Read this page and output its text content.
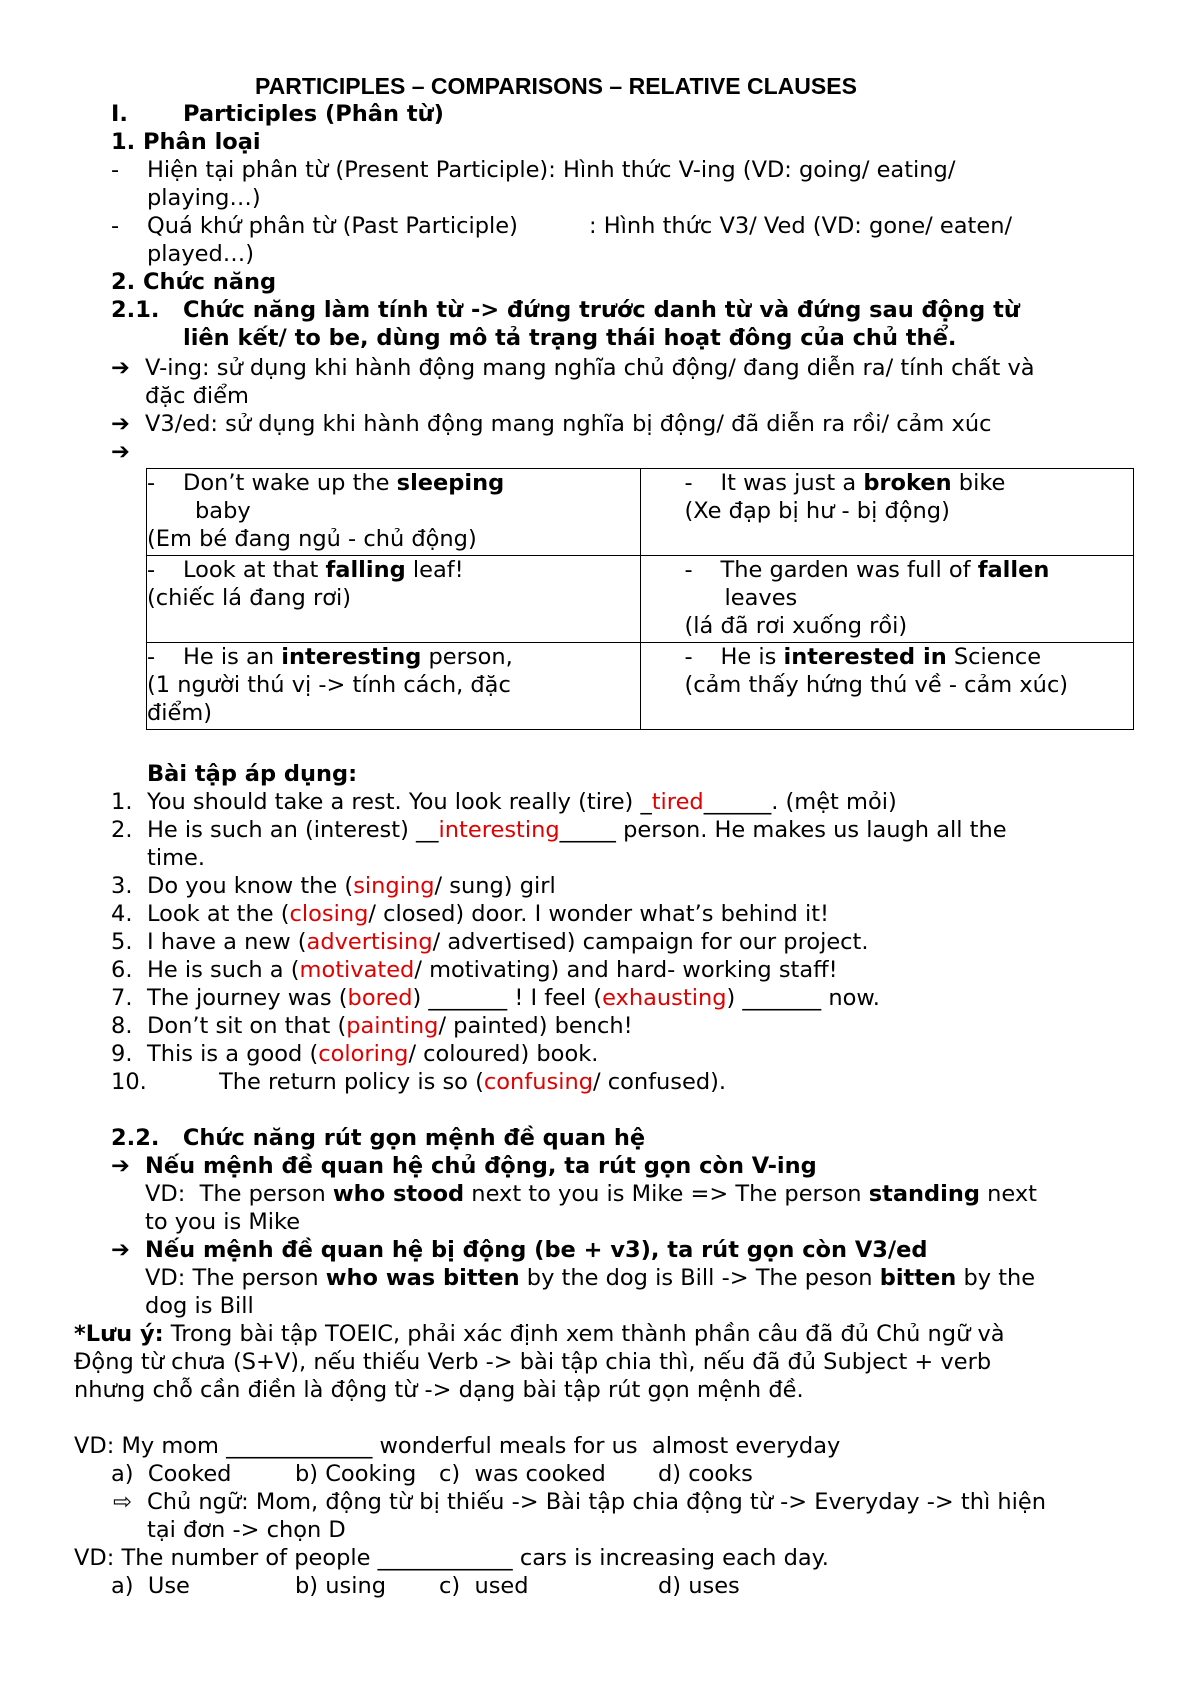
PARTICIPLES – COMPARISONS – RELATIVE CLAUSES
I. Participles (Phân từ)
1. Phân loại
- Hiện tại phân từ (Present Participle): Hình thức V-ing (VD: going/ eating/
playing…)
- Quá khứ phân từ (Past Participle)	: Hình thức V3/ Ved (VD: gone/ eaten/
played…)
2. Chức năng
2.1. Chức năng làm tính từ -> đứng trước danh từ và đứng sau động từ
liên kết/ to be, dùng mô tả trạng thái hoạt đông của chủ thể.
➔ V-ing: sử dụng khi hành động mang nghĩa chủ động/ đang diễn ra/ tính chất và
đặc điểm
➔ V3/ed: sử dụng khi hành động mang nghĩa bị động/ đã diễn ra rồi/ cảm xúc
➔
- Don’t wake up the sleeping
baby
(Em bé đang ngủ - chủ động)	- It was just a broken bike
(Xe đạp bị hư - bị động)
- Look at that falling leaf!
(chiếc lá đang rơi)	- The garden was full of fallen
leaves
(lá đã rơi xuống rồi)
- He is an interesting person,
(1 người thú vị -> tính cách, đặc
điểm)	- He is interested in Science
(cảm thấy hứng thú về - cảm xúc)
Bài tập áp dụng:
1. You should take a rest. You look really (tire) _tired______. (mệt mỏi)
2. He is such an (interest) __interesting_____ person. He makes us laugh all the
time.
3. Do you know the (singing/ sung) girl
4. Look at the (closing/ closed) door. I wonder what’s behind it!
5. I have a new (advertising/ advertised) campaign for our project.
6. He is such a (motivated/ motivating) and hard- working staff!
7. The journey was (bored) _______ ! I feel (exhausting) _______ now.
8. Don’t sit on that (painting/ painted) bench!
9. This is a good (coloring/ coloured) book.
10.	The return policy is so (confusing/ confused).
2.2.   Chức năng rút gọn mệnh đề quan hệ
➔ Nếu mệnh đề quan hệ chủ động, ta rút gọn còn V-ing
VD:  The person who stood next to you is Mike => The person standing next
to you is Mike
➔ Nếu mệnh đề quan hệ bị động (be + v3), ta rút gọn còn V3/ed
VD: The person who was bitten by the dog is Bill -> The peson bitten by the
dog is Bill
*Lưu ý: Trong bài tập TOEIC, phải xác định xem thành phần câu đã đủ Chủ ngữ và
Động từ chưa (S+V), nếu thiếu Verb -> bài tập chia thì, nếu đã đủ Subject + verb
nhưng chỗ cần điền là động từ -> dạng bài tập rút gọn mệnh đề.
VD: My mom _____________ wonderful meals for us  almost everyday
a)  Cooked	b) Cooking c)  was cooked d) cooks
⇨ Chủ ngữ: Mom, động từ bị thiếu -> Bài tập chia động từ -> Everyday -> thì hiện
tại đơn -> chọn D
VD: The number of people ____________ cars is increasing each day.
a)  Use	b) using c)  used	d) uses
